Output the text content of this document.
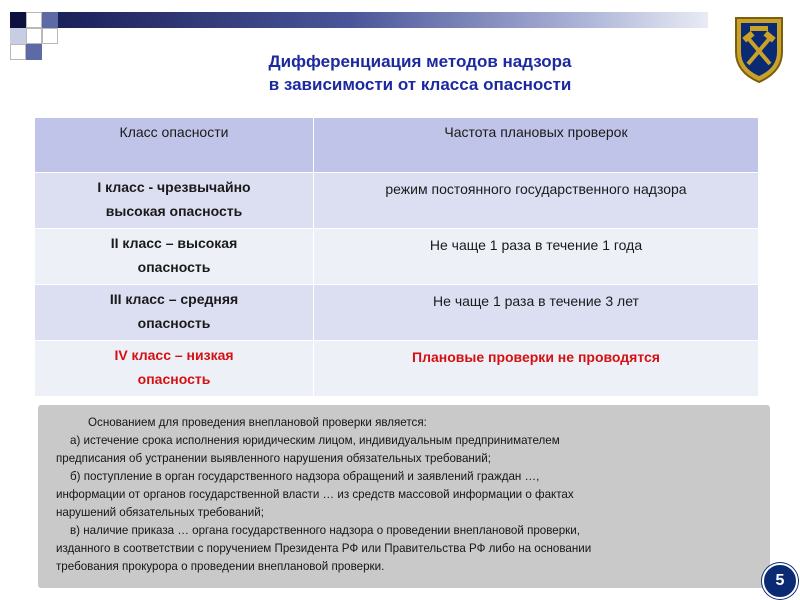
Дифференциация методов надзора
в зависимости от класса опасности
Класс опасности	Частота плановых проверок

I класс - чрезвычайно
высокая опасность	режим постоянного государственного надзора

II класс – высокая
опасность	Не чаще 1 раза в течение 1 года

III класс – средняя
опасность	Не чаще 1 раза в течение 3 лет

IV класс – низкая
опасность	Плановые проверки не проводятся
Основанием для проведения внеплановой проверки является:
а) истечение срока исполнения юридическим лицом, индивидуальным предпринимателем
предписания об устранении выявленного нарушения обязательных требований;
б) поступление в орган государственного надзора обращений и заявлений граждан …,
информации от органов государственной власти … из средств массовой информации о фактах
нарушений обязательных требований;
в) наличие приказа … органа государственного надзора о проведении внеплановой проверки,
изданного в соответствии с поручением Президента РФ или Правительства РФ либо на основании
требования прокурора о проведении внеплановой проверки.
5
